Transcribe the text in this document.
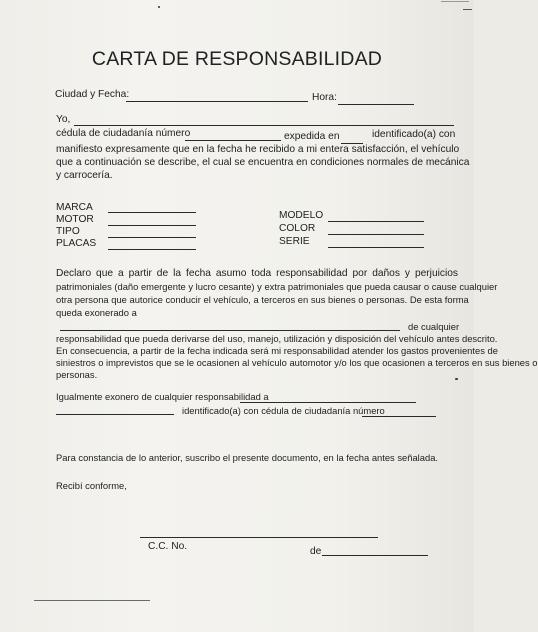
CARTA DE RESPONSABILIDAD
Ciudad y Fecha:	Hora:
Yo,
cédula de ciudadanía número	expedida en	identificado(a) con
manifiesto expresamente que en la fecha he recibido a mi entera satisfacción, el vehículo
que a continuación se describe, el cual se encuentra en condiciones normales de mecánica
y carrocería.
MARCA
MOTOR
TIPO
PLACAS
MODELO
COLOR
SERIE
Declaro que a partir de la fecha asumo toda responsabilidad por daños y perjuicios
patrimoniales (daño emergente y lucro cesante) y extra patrimoniales que pueda causar o cause cualquier
otra persona que autorice conducir el vehículo, a terceros en sus bienes o personas. De esta forma
queda exonerado a
de cualquier
responsabilidad que pueda derivarse del uso, manejo, utilización y disposición del vehículo antes descrito.
En consecuencia, a partir de la fecha indicada será mi responsabilidad atender los gastos provenientes de
siniestros o imprevistos que se le ocasionen al vehículo automotor y/o los que ocasionen a terceros en sus bienes o
personas.
Igualmente exonero de cualquier responsabilidad a
identificado(a) con cédula de ciudadanía número
Para constancia de lo anterior, suscribo el presente documento, en la fecha antes señalada.
Recibí conforme,
C.C. No.	de
